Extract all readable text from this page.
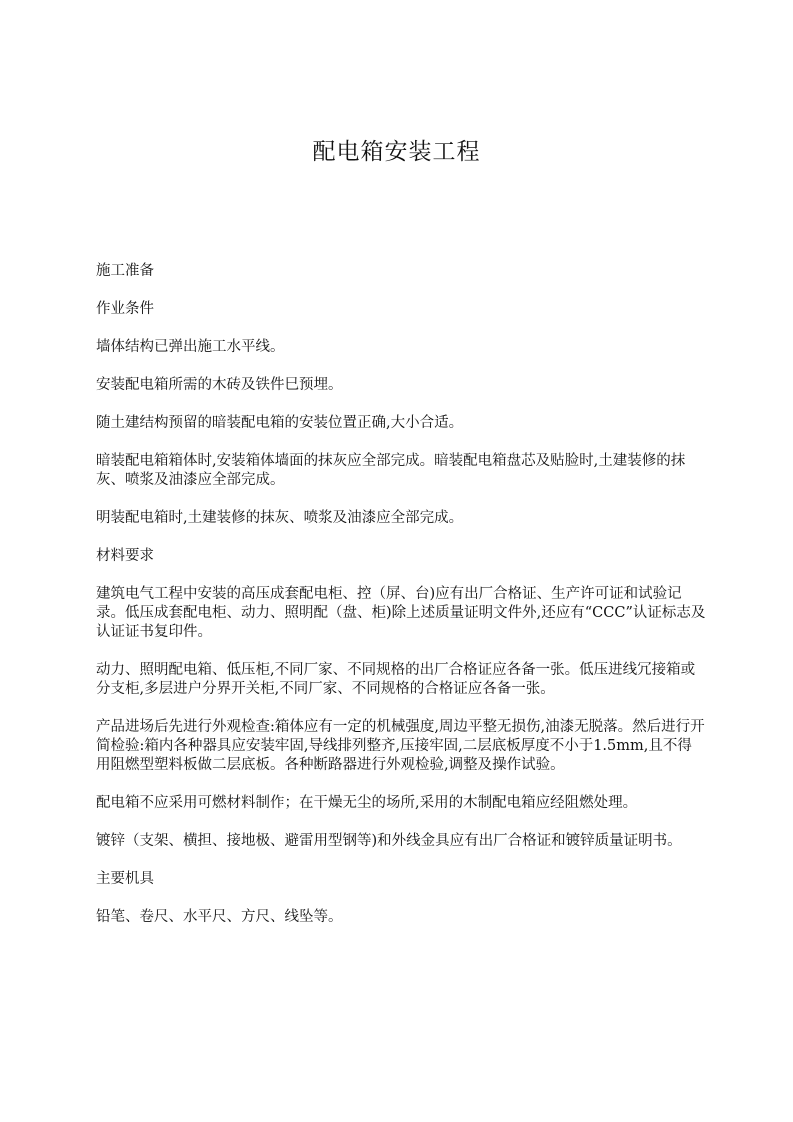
配电箱安装工程

施工准备

作业条件

墙体结构已弹出施工水平线。

安装配电箱所需的木砖及铁件巳预埋。

随土建结构预留的暗装配电箱的安装位置正确,大小合适。

暗装配电箱箱体时,安装箱体墙面的抹灰应全部完成。暗装配电箱盘芯及贴脸时,土建装修的抹灰、喷浆及油漆应全部完成。

明装配电箱时,土建装修的抹灰、喷浆及油漆应全部完成。

材料要求

建筑电气工程中安装的高压成套配电柜、控（屏、台)应有出厂合格证、生产许可证和试验记录。低压成套配电柜、动力、照明配（盘、柜)除上述质量证明文件外,还应有“CCC”认证标志及认证证书复印件。

动力、照明配电箱、低压柜,不同厂家、不同规格的出厂合格证应各备一张。低压进线冗接箱或分支柜,多层进户分界开关柜,不同厂家、不同规格的合格证应各备一张。

产品进场后先进行外观检查:箱体应有一定的机械强度,周边平整无损伤,油漆无脱落。然后进行开简检验:箱内各种器具应安装牢固,导线排列整齐,压接牢固,二层底板厚度不小于1.5mm,且不得用阻燃型塑料板做二层底板。各种断路器进行外观检验,调整及操作试验。

配电箱不应采用可燃材料制作；在干燥无尘的场所,采用的木制配电箱应经阻燃处理。

镀锌（支架、横担、接地极、避雷用型钢等)和外线金具应有出厂合格证和镀锌质量证明书。

主要机具

铅笔、卷尺、水平尺、方尺、线坠等。
